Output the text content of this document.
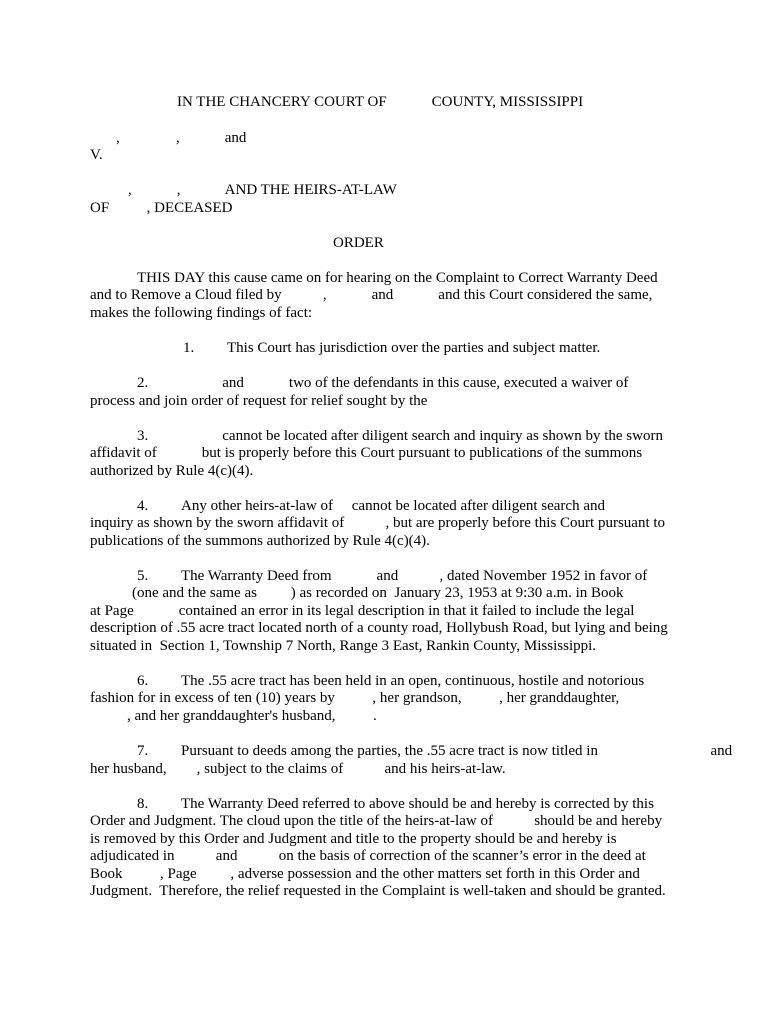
IN THE CHANCERY COURT OF            COUNTY, MISSISSIPPI
,               ,            and
V.
,            ,            AND THE HEIRS-AT-LAW
OF          , DECEASED
ORDER
THIS DAY this cause came on for hearing on the Complaint to Correct Warranty Deed
and to Remove a Cloud filed by           ,            and            and this Court considered the same,
makes the following findings of fact:
1. This Court has jurisdiction over the parties and subject matter.
2. and            two of the defendants in this cause, executed a waiver of
process and join order of request for relief sought by the
3. cannot be located after diligent search and inquiry as shown by the sworn
affidavit of            but is properly before this Court pursuant to publications of the summons
authorized by Rule 4(c)(4).
4. Any other heirs-at-law of     cannot be located after diligent search and
inquiry as shown by the sworn affidavit of           , but are properly before this Court pursuant to
publications of the summons authorized by Rule 4(c)(4).
5. The Warranty Deed from            and           , dated November 1952 in favor of
(one and the same as         ) as recorded on  January 23, 1953 at 9:30 a.m. in Book
at Page            contained an error in its legal description in that it failed to include the legal
description of .55 acre tract located north of a county road, Hollybush Road, but lying and being
situated in  Section 1, Township 7 North, Range 3 East, Rankin County, Mississippi.
6. The .55 acre tract has been held in an open, continuous, hostile and notorious
fashion for in excess of ten (10) years by          , her grandson,          , her granddaughter,
, and her granddaughter's husband,          .
7. Pursuant to deeds among the parties, the .55 acre tract is now titled in                              and
her husband,        , subject to the claims of           and his heirs-at-law.
8. The Warranty Deed referred to above should be and hereby is corrected by this
Order and Judgment. The cloud upon the title of the heirs-at-law of           should be and hereby
is removed by this Order and Judgment and title to the property should be and hereby is
adjudicated in           and           on the basis of correction of the scanner’s error in the deed at
Book          , Page         , adverse possession and the other matters set forth in this Order and
Judgment.  Therefore, the relief requested in the Complaint is well-taken and should be granted.
